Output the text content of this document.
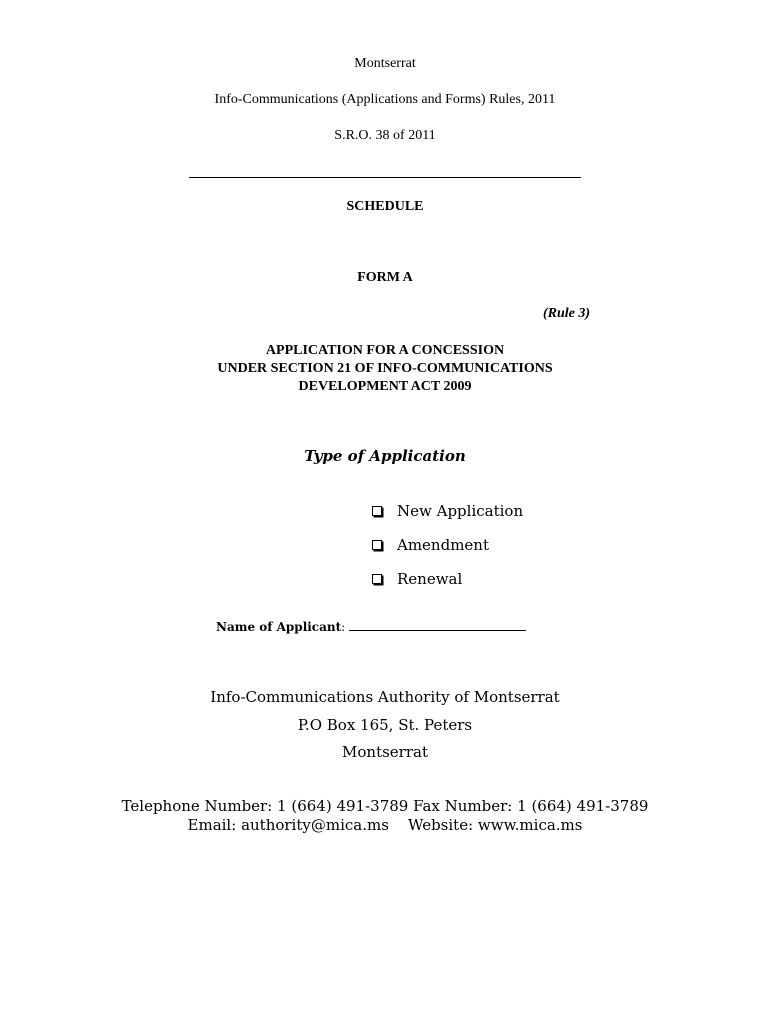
Montserrat
Info-Communications (Applications and Forms) Rules, 2011
S.R.O. 38 of 2011
SCHEDULE
FORM A
(Rule 3)
APPLICATION FOR A CONCESSION
UNDER SECTION 21 OF INFO-COMMUNICATIONS
DEVELOPMENT ACT 2009
Type of Application
New Application
Amendment
Renewal
Name of Applicant:
Info-Communications Authority of Montserrat
P.O Box 165, St. Peters
Montserrat
Telephone Number: 1 (664) 491-3789 Fax Number: 1 (664) 491-3789
Email: authority@mica.ms Website: www.mica.ms
